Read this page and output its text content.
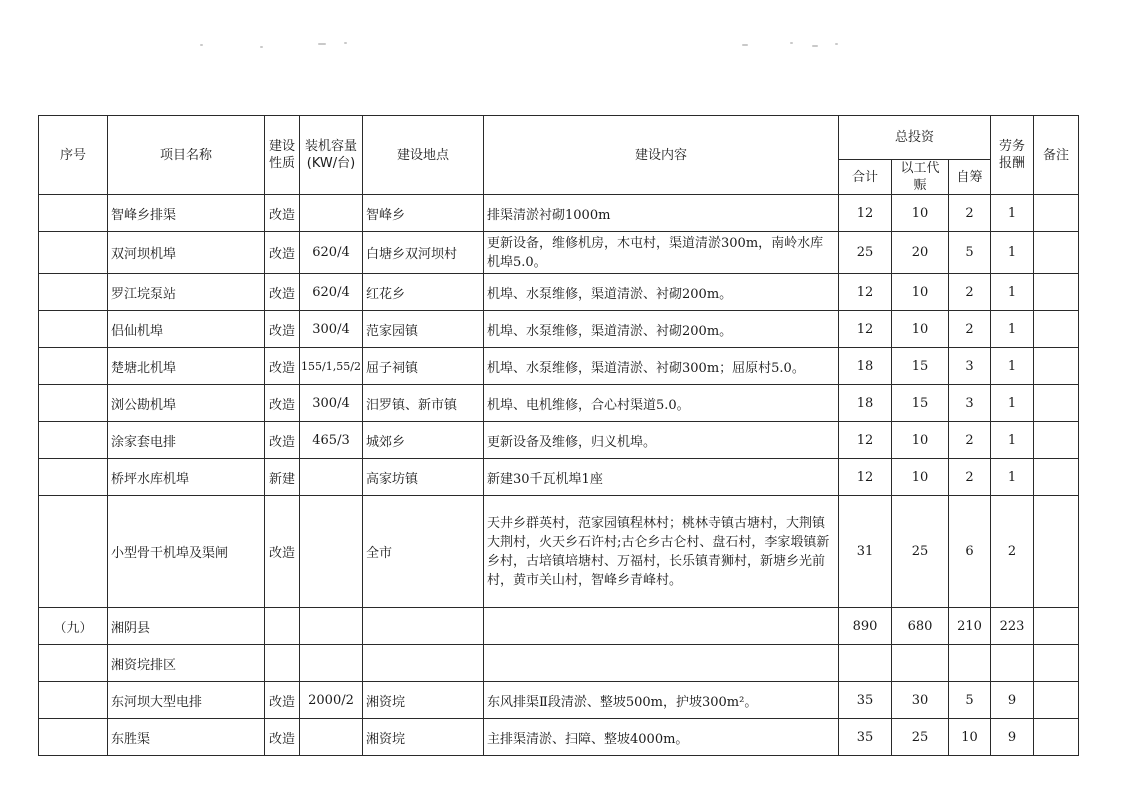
序号	项目名称	建设性质	装机容量
(KW/台)	建设地点	建设内容	总投资			劳务报酬	备注
						合计	以工代赈	自筹		
	智峰乡排渠	改造		智峰乡	排渠清淤衬砌1000m	12	10	2	1	
	双河坝机埠	改造	620/4	白塘乡双河坝村	更新设备，维修机房，木屯村，渠道清淤300m，南岭水库机埠5.0。	25	20	5	1	
	罗江垸泵站	改造	620/4	红花乡	机埠、水泵维修，渠道清淤、衬砌200m。	12	10	2	1	
	侣仙机埠	改造	300/4	范家园镇	机埠、水泵维修，渠道清淤、衬砌200m。	12	10	2	1	
	楚塘北机埠	改造	155/1,55/2	屈子祠镇	机埠、水泵维修，渠道清淤、衬砌300m；屈原村5.0。	18	15	3	1	
	浏公勘机埠	改造	300/4	汨罗镇、新市镇	机埠、电机维修，合心村渠道5.0。	18	15	3	1	
	涂家套电排	改造	465/3	城郊乡	更新设备及维修，归义机埠。	12	10	2	1	
	桥坪水库机埠	新建		高家坊镇	新建30千瓦机埠1座	12	10	2	1	
	小型骨干机埠及渠闸	改造		全市	天井乡群英村，范家园镇程林村；桃林寺镇古塘村，大荆镇大荆村，火天乡石许村;古仑乡古仑村、盘石村，李家塅镇新乡村，古培镇培塘村、万福村，长乐镇青狮村，新塘乡光前村，黄市关山村，智峰乡青峰村。	31	25	6	2	
（九）	湘阴县					890	680	210	223	
	湘资垸排区									
	东河坝大型电排	改造	2000/2	湘资垸	东风排渠Ⅱ段清淤、整坡500m，护坡300m²。	35	30	5	9	
	东胜渠	改造		湘资垸	主排渠清淤、扫障、整坡4000m。	35	25	10	9	
